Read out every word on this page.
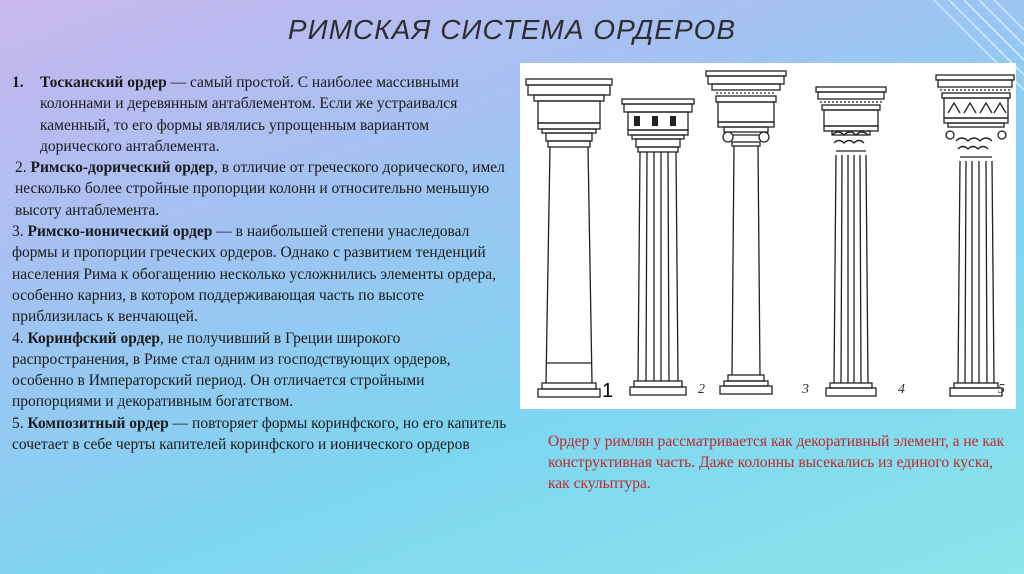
РИМСКАЯ СИСТЕМА ОРДЕРОВ
1.	Тосканский ордер — самый простой. С наиболее массивными колоннами и деревянным антаблементом. Если же устраивался каменный, то его формы являлись упрощенным вариантом дорического антаблемента.

2. Римско-дорический ордер, в отличие от греческого дорического, имел несколько более стройные пропорции колонн и относительно меньшую высоту антаблемента.

3. Римско-ионический ордер — в наибольшей степени унаследовал формы и пропорции греческих ордеров. Однако с развитием тенденций населения Рима к обогащению несколько усложнились элементы ордера, особенно карниз, в котором поддерживающая часть по высоте приблизилась к венчающей.

4. Коринфский ордер, не получивший в Греции широкого распространения, в Риме стал одним из господствующих ордеров, особенно в Императорский период. Он отличается стройными пропорциями и декоративным богатством.

5. Композитный ордер — повторяет формы коринфского, но его капитель сочетает в себе черты капителей коринфского и ионического ордеров

1	2	3	4	5
Ордер у римлян рассматривается как декоративный элемент, а не как конструктивная часть. Даже колонны высекались из единого куска, как скульптура.
